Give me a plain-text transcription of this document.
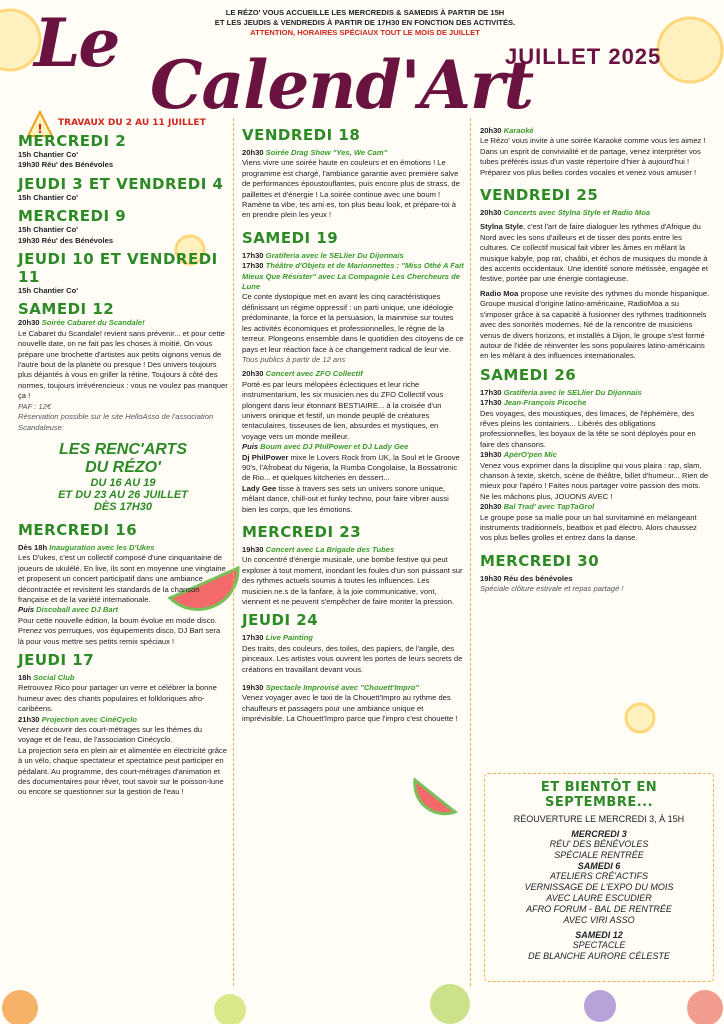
!
LE RÉZO' VOUS ACCUEILLE LES MERCREDIS & SAMEDIS À PARTIR DE 15H
ET LES JEUDIS & VENDREDIS À PARTIR DE 17H30 EN FONCTION DES ACTIVITÉS.
ATTENTION, HORAIRES SPÉCIAUX TOUT LE MOIS DE JUILLET
Le
Calend'Art
JUILLET 2025
TRAVAUX DU 2 AU 11 JUILLET
MERCREDI 2

15h Chantier Co'

19h30 Réu' des Bénévoles

JEUDI 3 ET VENDREDI 4

15h Chantier Co'

MERCREDI 9

15h Chantier Co'

19h30 Réu' des Bénévoles

JEUDI 10 ET VENDREDI 11

15h Chantier Co'

SAMEDI 12

20h30 Soirée Cabaret du Scandale!

Le Cabaret du Scandale! revient sans prévenir... et pour cette nouvelle date, on ne fait pas les choses à moitié. On vous prépare une brochette d'artistes aux petits oignons venus de l'autre bout de la planète ou presque ! Des univers toujours plus déjantés à vous en griller la rétine. Toujours à côté des normes, toujours irrévérencieux : vous ne voulez pas manquer ça !

PAF : 12€

Réservation possible sur le site HelloAsso de l'association Scandaleuse.

LES RENC'ARTS
DU RÉZO'
DU 16 AU 19
ET DU 23 AU 26 JUILLET
DÈS 17H30
MERCREDI 16

Dès 18h Inauguration avec les D'Ukes

Les D'ukes, c'est un collectif composé d'une cinquantaine de joueurs de ukulélé. En live, ils sont en moyenne une vingtaine et proposent un concert participatif dans une ambiance décontractée et revisitent les standards de la chanson française et de la variété internationale.

Puis Discoball avec DJ Bart

Pour cette nouvelle édition, la boum évolue en mode disco. Prenez vos perruques, vos équipements disco, DJ Bart sera là pour vous mettre ses petits remix spéciaux !

JEUDI 17

18h Social Club

Retrouvez Rico pour partager un verre et célébrer la bonne humeur avec des chants populaires et folkloriques afro-caribéens.

21h30 Projection avec CinéCyclo

Venez découvrir des court-métrages sur les thèmes du voyage et de l'eau, de l'association Cinécyclo.

La projection sera en plein air et alimentée en électricité grâce à un vélo, chaque spectateur et spectatrice peut participer en pédalant. Au programme, des court-métrages d'animation et des documentaires pour rêver, tout savoir sur le poisson-lune ou encore se questionner sur la gestion de l'eau !

VENDREDI 18

20h30 Soirée Drag Show "Yes, We Cam"

Viens vivre une soirée haute en couleurs et en émotions ! Le programme est chargé, l'ambiance garantie avec première salve de performances époustouflantes, puis encore plus de strass, de paillettes et d'énergie ! La soirée continue avec une boum ! Ramène ta vibe, tes ami·es, ton plus beau look, et prépare-toi à en prendre plein les yeux !

SAMEDI 19

17h30 Gratiferia avec le SELlier Du Dijonnais

17h30 Théâtre d'Objets et de Marionnettes : "Miss Othé A Fait Mieux Que Résister" avec La Compagnie Les Chercheurs de Lune

Ce conte dystopique met en avant les cinq caractéristiques définissant un régime oppressif : un parti unique, une idéologie prédominante, la force et la persuasion, la mainmise sur toutes les activités économiques et professionnelles, le règne de la terreur. Plongeons ensemble dans le quotidien des citoyens de ce pays et leur réaction face à ce changement radical de leur vie.

Tous publics à partir de 12 ans

20h30 Concert avec ZFO Collectif

Porté·es par leurs mélopées éclectiques et leur riche instrumentarium, les six musicien.nes du ZFO Collectif vous plongent dans leur étonnant BESTIAIRE... à la croisée d'un univers onirique et festif, un monde peuplé de créatures tentaculaires, tisseuses de lien, absurdes et mystiques, en voyage vers un monde meilleur.

Puis Boum avec DJ PhilPower et DJ Lady Gee

Dj PhilPower mixe le Lovers Rock from UK, la Soul et le Groove 90's, l'Afrobeat du Nigeria, la Rumba Congolaise, la Bossatronic de Rio... et quelques kitcheries en dessert...

Lady Gee tisse à travers ses sets un univers sonore unique, mêlant dance, chill-out et funky techno, pour faire vibrer aussi bien les corps, que les émotions.

MERCREDI 23

19h30 Concert avec La Brigade des Tubes

Un concentré d'énergie musicale, une bombe festive qui peut exploser à tout moment, inondant les foules d'un son puissant sur des rythmes actuels soumis à toutes les influences. Les musicien.ne.s de la fanfare, à la joie communicative, vont, viennent et ne peuvent s'empêcher de faire monter la pression.

JEUDI 24

17h30 Live Painting

Des traits, des couleurs, des toiles, des papiers, de l'argile, des pinceaux. Les artistes vous ouvrent les portes de leurs secrets de créations en travaillant devant vous.

19h30 Spectacle Improvisé avec "Chouett'Impro"

Venez voyager avec le taxi de la Chouett'Impro au rythme des chauffeurs et passagers pour une ambiance unique et imprévisible. La Chouett'Impro parce que l'impro c'est chouette !

20h30 Karaoké

Le Rézo' vous invite à une soirée Karaoké comme vous les aimez ! Dans un esprit de convivialité et de partage, venez interpréter vos tubes préférés issus d'un vaste répertoire d'hier à aujourd'hui ! Préparez vos plus belles cordes vocales et venez vous amuser !

VENDREDI 25

20h30 Concerts avec Stylna Style et Radio Moa

Stylna Style, c'est l'art de faire dialoguer les rythmes d'Afrique du Nord avec les sons d'ailleurs et de tisser des ponts entre les cultures. Ce collectif musical fait vibrer les âmes en mêlant la musique kabyle, pop raï, chaâbi, et échos de musiques du monde à des accents occidentaux. Une identité sonore métissée, engagée et festive, portée par une énergie contagieuse.

Radio Moa propose une revisite des rythmes du monde hispanique. Groupe musical d'origine latino-américaine, RadioMoa a su s'imposer grâce à sa capacité à fusionner des rythmes traditionnels avec des sonorités modernes. Né de la rencontre de musiciens venus de divers horizons, et installés à Dijon, le groupe s'est formé autour de l'idée de réinventer les sons populaires latino-américains en les mêlant à des influences internationales.

SAMEDI 26

17h30 Gratiferia avec le SELlier Du Dijonnais

17h30 Jean-François Picoche

Des voyages, des moustiques, des limaces, de l'éphémère, des rêves pleins les containers... Libérés des obligations professionnelles, les boyaux de la tête se sont déployés pour en faire des chansons.

19h30 ApérO'pen Mic

Venez vous exprimer dans la discipline qui vous plaira : rap, slam, chanson à texte, sketch, scène de théâtre, billet d'humeur... Rien de mieux pour l'apéro ! Faites nous partager votre passion des mots. Ne les mâchons plus, JOUONS AVEC !

20h30 Bal Trad' avec TapTaGrol

Le groupe pose sa malle pour un bal survitaminé en mélangeant instruments traditionnels, beatbox et pad électro. Alors chaussez vos plus belles grolles et entrez dans la danse.

MERCREDI 30

19h30 Réu des bénévoles

Spéciale clôture estivale et repas partagé !

ET BIENTÔT EN SEPTEMBRE...

RÉOUVERTURE LE MERCREDI 3, À 15H

MERCREDI 3

RÉU' DES BÉNÉVOLES

SPÉCIALE RENTRÉE

SAMEDI 6

ATELIERS CRÉ'ACTIFS

VERNISSAGE DE L'EXPO DU MOIS

AVEC LAURE ESCUDIER

AFRO FORUM - BAL DE RENTRÉE

AVEC VIRI ASSO

SAMEDI 12

SPECTACLE

DE BLANCHE AURORE CÉLESTE
